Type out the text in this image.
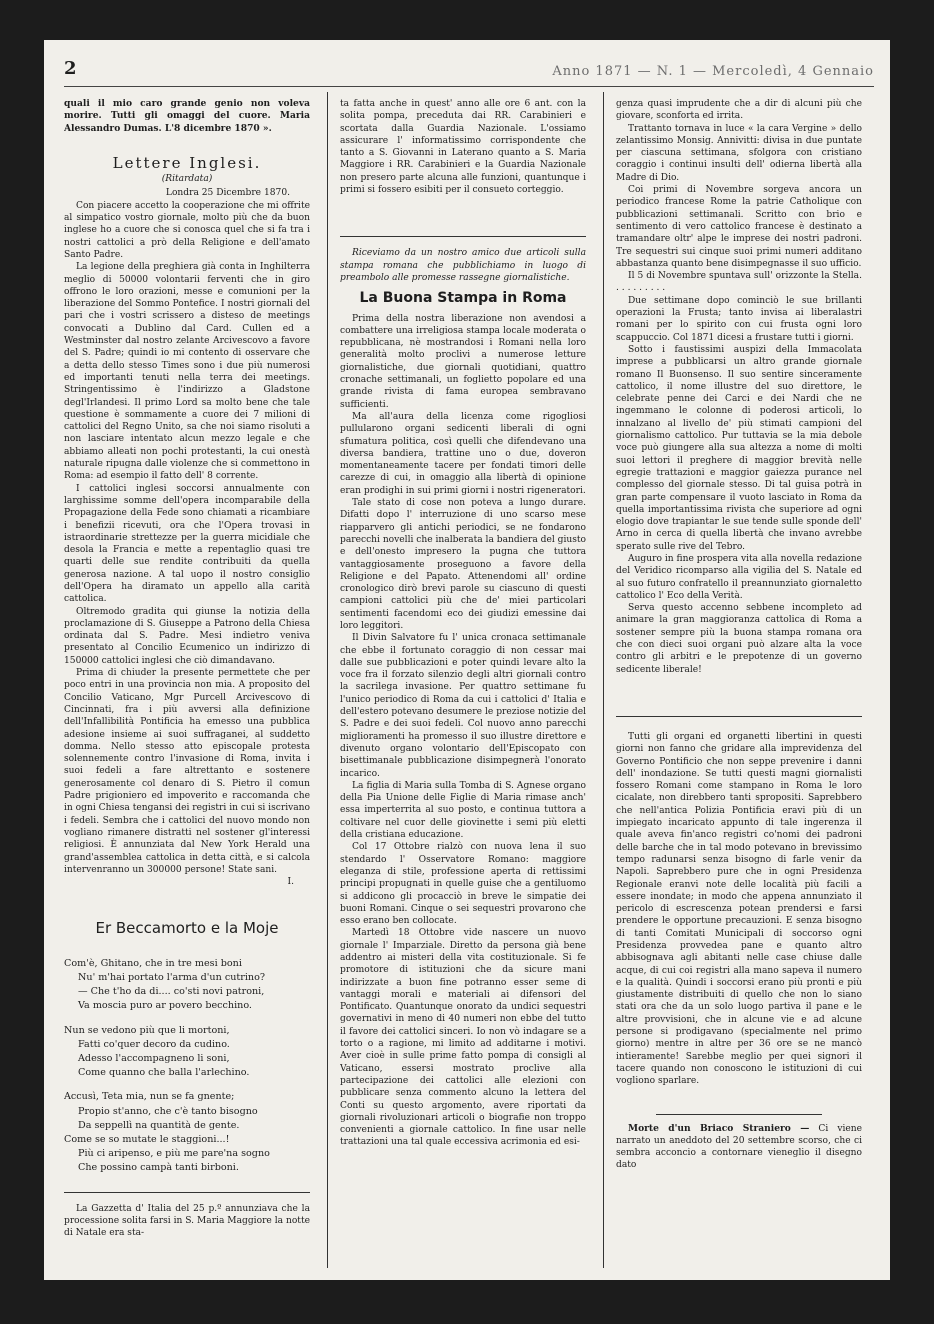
2	Anno 1871 — N. 1 — Mercoledì, 4 Gennaio

quali il mio caro grande genio non voleva morire. Tutti gli omaggi del cuore. Maria Alessandro Dumas. L'8 dicembre 1870 ».

Lettere Inglesi.
(Ritardata)
Londra 25 Dicembre 1870.

Con piacere accetto la cooperazione che mi offrite al simpatico vostro giornale, molto più che da buon inglese ho a cuore che si conosca quel che si fa tra i nostri cattolici a prò della Religione e dell'amato Santo Padre.

La legione della preghiera già conta in Inghilterra meglio di 50000 volontarii ferventi che in giro offrono le loro orazioni, messe e comunioni per la liberazione del Sommo Pontefice. I nostri giornali del pari che i vostri scrissero a disteso de meetings convocati a Dublino dal Card. Cullen ed a Westminster dal nostro zelante Arcivescovo a favore del S. Padre; quindi io mi contento di osservare che a detta dello stesso Times sono i due più numerosi ed importanti tenuti nella terra dei meetings. Stringentissimo è l'indirizzo a Gladstone degl'Irlandesi. Il primo Lord sa molto bene che tale questione è sommamente a cuore dei 7 milioni di cattolici del Regno Unito, sa che noi siamo risoluti a non lasciare intentato alcun mezzo legale e che abbiamo alleati non pochi protestanti, la cui onestà naturale ripugna dalle violenze che si commettono in Roma: ad esempio il fatto dell' 8 corrente.

I cattolici inglesi soccorsi annualmente con larghissime somme dell'opera incomparabile della Propagazione della Fede sono chiamati a ricambiare i benefizii ricevuti, ora che l'Opera trovasi in istraordinarie strettezze per la guerra micidiale che desola la Francia e mette a repentaglio quasi tre quarti delle sue rendite contribuiti da quella generosa nazione. A tal uopo il nostro consiglio dell'Opera ha diramato un appello alla carità cattolica.

Oltremodo gradita qui giunse la notizia della proclamazione di S. Giuseppe a Patrono della Chiesa ordinata dal S. Padre. Mesi indietro veniva presentato al Concilio Ecumenico un indirizzo di 150000 cattolici inglesi che ciò dimandavano.

Prima di chiuder la presente permettete che per poco entri in una provincia non mia. A proposito del Concilio Vaticano, Mgr Purcell Arcivescovo di Cincinnati, fra i più avversi alla definizione dell'Infallibilità Pontificia ha emesso una pubblica adesione insieme ai suoi suffraganei, al suddetto domma. Nello stesso atto episcopale protesta solennemente contro l'invasione di Roma, invita i suoi fedeli a fare altrettanto e sostenere generosamente col denaro di S. Pietro il comun Padre prigioniero ed impoverito e raccomanda che in ogni Chiesa tengansi dei registri in cui si iscrivano i fedeli. Sembra che i cattolici del nuovo mondo non vogliano rimanere distratti nel sostener gl'interessi religiosi. È annunziata dal New York Herald una grand'assemblea cattolica in detta città, e si calcola intervenranno un 300000 persone! State sani.

I.
Er Beccamorto e la Moje
Com'è, Ghitano, che in tre mesi boni
Nu' m'hai portato l'arma d'un cutrino?
— Che t'ho da di.... co'sti novi patroni,
Va moscia puro ar povero becchino.
Nun se vedono più que li mortoni,
Fatti co'quer decoro da cudino.
Adesso l'accompagneno li soni,
Come quanno che balla l'arlechino.
Accusì, Teta mia, nun se fa gnente;
Propio st'anno, che c'è tanto bisogno
Da seppellì na quantità de gente.
Come se so mutate le staggioni...!
Più ci aripenso, e più me pare'na sogno
Che possino campà tanti birboni.

La Gazzetta d' Italia del 25 p.º annunziava che la processione solita farsi in S. Maria Maggiore la notte di Natale era sta-

ta fatta anche in quest' anno alle ore 6 ant. con la solita pompa, preceduta dai RR. Carabinieri e scortata dalla Guardia Nazionale. L'ossiamo assicurare l' informatissimo corrispondente che tanto a S. Giovanni in Laterano quanto a S. Maria Maggiore i RR. Carabinieri e la Guardia Nazionale non presero parte alcuna alle funzioni, quantunque i primi si fossero esibiti per il consueto corteggio.

Riceviamo da un nostro amico due articoli sulla stampa romana che pubblichiamo in luogo di preambolo alle promesse rassegne giornalistiche.

La Buona Stampa in Roma

Prima della nostra liberazione non avendosi a combattere una irreligiosa stampa locale moderata o repubblicana, nè mostrandosi i Romani nella loro generalità molto proclivi a numerose letture giornalistiche, due giornali quotidiani, quattro cronache settimanali, un foglietto popolare ed una grande rivista di fama europea sembravano sufficienti.

Ma all'aura della licenza come rigogliosi pullularono organi sedicenti liberali di ogni sfumatura politica, così quelli che difendevano una diversa bandiera, trattine uno o due, doveron momentaneamente tacere per fondati timori delle carezze di cui, in omaggio alla libertà di opinione eran prodighi in sui primi giorni i nostri rigeneratori.

Tale stato di cose non poteva a lungo durare. Difatti dopo l' interruzione di uno scarso mese riapparvero gli antichi periodici, se ne fondarono parecchi novelli che inalberata la bandiera del giusto e dell'onesto impresero la pugna che tuttora vantaggiosamente proseguono a favore della Religione e del Papato. Attenendomi all' ordine cronologico dirò brevi parole su ciascuno di questi campioni cattolici più che de' miei particolari sentimenti facendomi eco dei giudizi emessine dai loro leggitori.

Il Divin Salvatore fu l' unica cronaca settimanale che ebbe il fortunato coraggio di non cessar mai dalle sue pubblicazioni e poter quindi levare alto la voce fra il forzato silenzio degli altri giornali contro la sacrilega invasione. Per quattro settimane fu l'unico periodico di Roma da cui i cattolici d' Italia e dell'estero potevano desumere le preziose notizie del S. Padre e dei suoi fedeli. Col nuovo anno parecchi miglioramenti ha promesso il suo illustre direttore e divenuto organo volontario dell'Episcopato con bisettimanale pubblicazione disimpegnerà l'onorato incarico.

La figlia di Maria sulla Tomba di S. Agnese organo della Pia Unione delle Figlie di Maria rimase anch' essa imperterrita al suo posto, e continua tuttora a coltivare nel cuor delle giovinette i semi più eletti della cristiana educazione.

Col 17 Ottobre rialzò con nuova lena il suo stendardo l' Osservatore Romano: maggiore eleganza di stile, professione aperta di rettissimi principi propugnati in quelle guise che a gentiluomo si addicono gli procacciò in breve le simpatie dei buoni Romani. Cinque o sei sequestri provarono che esso erano ben collocate.

Martedì 18 Ottobre vide nascere un nuovo giornale l' Imparziale. Diretto da persona già bene addentro ai misteri della vita costituzionale. Si fe promotore di istituzioni che da sicure mani indirizzate a buon fine potranno esser seme di vantaggi morali e materiali ai difensori del Pontificato. Quantunque onorato da undici sequestri governativi in meno di 40 numeri non ebbe del tutto il favore dei cattolici sinceri. Io non vò indagare se a torto o a ragione, mi limito ad additarne i motivi. Aver cioè in sulle prime fatto pompa di consigli al Vaticano, essersi mostrato proclive alla partecipazione dei cattolici alle elezioni con pubblicare senza commento alcuno la lettera del Conti su questo argomento, avere riportati da giornali rivoluzionari articoli o biografie non troppo convenienti a giornale cattolico. In fine usar nelle trattazioni una tal quale eccessiva acrimonia ed esi-

genza quasi imprudente che a dir di alcuni più che giovare, sconforta ed irrita.

Trattanto tornava in luce « la cara Vergine » dello zelantissimo Monsig. Annivitti: divisa in due puntate per ciascuna settimana, sfolgora con cristiano coraggio i continui insulti dell' odierna libertà alla Madre di Dio.

Coi primi di Novembre sorgeva ancora un periodico francese Rome la patrie Catholique con pubblicazioni settimanali. Scritto con brio e sentimento di vero cattolico francese è destinato a tramandare oltr' alpe le imprese dei nostri padroni. Tre sequestri sui cinque suoi primi numeri additano abbastanza quanto bene disimpegnasse il suo ufficio.

Il 5 di Novembre spuntava sull' orizzonte la Stella. . . . . . . . . .

Due settimane dopo cominciò le sue brillanti operazioni la Frusta; tanto invisa ai liberalastri romani per lo spirito con cui frusta ogni loro scappuccio. Col 1871 dicesi a frustare tutti i giorni.

Sotto i faustissimi auspizi della Immacolata imprese a pubblicarsi un altro grande giornale romano Il Buonsenso. Il suo sentire sinceramente cattolico, il nome illustre del suo direttore, le celebrate penne dei Carci e dei Nardi che ne ingemmano le colonne di poderosi articoli, lo innalzano al livello de' più stimati campioni del giornalismo cattolico. Pur tuttavia se la mia debole voce può giungere alla sua altezza a nome di molti suoi lettori il preghere di maggior brevità nelle egregie trattazioni e maggior gaiezza purance nel complesso del giornale stesso. Di tal guisa potrà in gran parte compensare il vuoto lasciato in Roma da quella importantissima rivista che superiore ad ogni elogio dove trapiantar le sue tende sulle sponde dell' Arno in cerca di quella libertà che invano avrebbe sperato sulle rive del Tebro.

Auguro in fine prospera vita alla novella redazione del Veridico ricomparso alla vigilia del S. Natale ed al suo futuro confratello il preannunziato giornaletto cattolico l' Eco della Verità.

Serva questo accenno sebbene incompleto ad animare la gran maggioranza cattolica di Roma a sostener sempre più la buona stampa romana ora che con dieci suoi organi può alzare alta la voce contro gli arbitri e le prepotenze di un governo sedicente liberale!

Tutti gli organi ed organetti libertini in questi giorni non fanno che gridare alla imprevidenza del Governo Pontificio che non seppe prevenire i danni dell' inondazione. Se tutti questi magni giornalisti fossero Romani come stampano in Roma le loro cicalate, non direbbero tanti spropositi. Saprebbero che nell'antica Polizia Pontificia eravi più di un impiegato incaricato appunto di tale ingerenza il quale aveva fin'anco registri co'nomi dei padroni delle barche che in tal modo potevano in brevissimo tempo radunarsi senza bisogno di farle venir da Napoli. Saprebbero pure che in ogni Presidenza Regionale eranvi note delle località più facili a essere inondate; in modo che appena annunziato il pericolo di escrescenza potean prendersi e farsi prendere le opportune precauzioni. E senza bisogno di tanti Comitati Municipali di soccorso ogni Presidenza provvedea pane e quanto altro abbisognava agli abitanti nelle case chiuse dalle acque, di cui coi registri alla mano sapeva il numero e la qualità. Quindi i soccorsi erano più pronti e più giustamente distribuiti di quello che non lo siano stati ora che da un solo luogo partiva il pane e le altre provvisioni, che in alcune vie e ad alcune persone si prodigavano (specialmente nel primo giorno) mentre in altre per 36 ore se ne mancò intieramente! Sarebbe meglio per quei signori il tacere quando non conoscono le istituzioni di cui vogliono sparlare.

Morte d'un Briaco Straniero — Ci viene narrato un aneddoto del 20 settembre scorso, che ci sembra acconcio a contornare vieneglio il disegno dato
